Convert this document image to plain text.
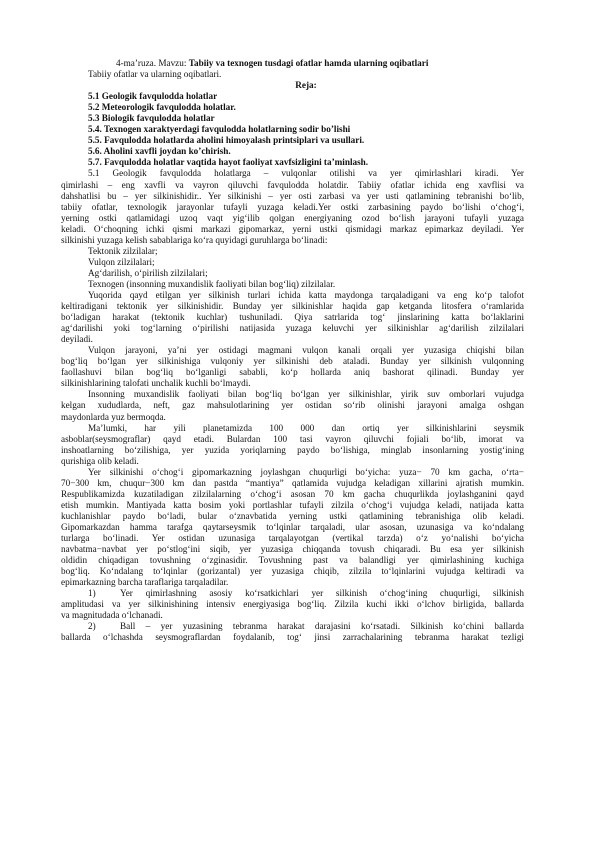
4-ma’ruza. Mavzu: Tabiiy va texnogen tusdagi ofatlar hamda ularning oqibatlari
Tabiiy ofatlar va ularning oqibatlari.
Reja:
5.1 Geologik favqulodda holatlar
5.2 Meteorologik favqulodda holatlar.
5.3 Biologik favqulodda holatlar
5.4. Texnogen xaraktyerdagi favqulodda holatlarning sodir bo’lishi
5.5. Favqulodda holatlarda aholini himoyalash printsiplari va usullari.
5.6. Aholini xavfli joydan ko’chirish.
5.7. Favqulodda holatlar vaqtida hayot faoliyat xavfsizligini ta’minlash.
5.1 Geologik favqulodda holatlarga – vulqonlar otilishi va yer qimirlashlari kiradi. Yer
qimirlashi – eng xavfli va vayron qiluvchi favqulodda holatdir. Tabiiy ofatlar ichida eng xavflisi va
dahshatlisi bu – yer silkinishidir.. Yer silkinishi – yer osti zarbasi va yer usti qatlamining tebranishi bo‘lib,
tabiiy ofatlar, texnologik jarayonlar tufayli yuzaga keladi.Yer ostki zarbasining paydo bo‘lishi o‘chog‘i,
yerning ostki qatlamidagi uzoq vaqt yig‘ilib qolgan energiyaning ozod bo‘lish jarayoni tufayli yuzaga
keladi. O‘choqning ichki qismi markazi gipomarkaz, yerni ustki qismidagi markaz epimarkaz deyiladi. Yer
silkinishi yuzaga kelish sabablariga ko‘ra quyidagi guruhlarga bo‘linadi:
Tektonik zilzilalar;
Vulqon zilzilalari;
Ag‘darilish, o‘pirilish zilzilalari;
Texnogen (insonning muxandislik faoliyati bilan bog‘liq) zilzilalar.
Yuqorida qayd etilgan yer silkinish turlari ichida katta maydonga tarqaladigani va eng ko‘p talofot
keltiradigani tektonik yer silkinishidir. Bunday yer silkinishlar haqida gap ketganda litosfera o‘ramlarida
bo‘ladigan harakat (tektonik kuchlar) tushuniladi. Qiya satrlarida tog‘ jinslarining katta bo‘laklarini
ag‘darilishi yoki tog‘larning o‘pirilishi natijasida yuzaga keluvchi yer silkinishlar ag‘darilish zilzilalari
deyiladi.
Vulqon jarayoni, ya’ni yer ostidagi magmani vulqon kanali orqali yer yuzasiga chiqishi bilan
bog‘liq bo‘lgan yer silkinishiga vulqoniy yer silkinishi deb ataladi. Bunday yer silkinish vulqonning
faollashuvi bilan bog‘liq bo‘lganligi sababli, ko‘p hollarda aniq bashorat qilinadi. Bunday yer
silkinishlarining talofati unchalik kuchli bo‘lmaydi.
Insonning muxandislik faoliyati bilan bog‘liq bo‘lgan yer silkinishlar, yirik suv omborlari vujudga
kelgan xududlarda, neft, gaz mahsulotlarining yer ostidan so‘rib olinishi jarayoni amalga oshgan
maydonlarda yuz bermoqda.
Ma’lumki, har yili planetamizda 100 000 dan ortiq yer silkinishlarini seysmik
asboblar(seysmograflar) qayd etadi. Bulardan 100 tasi vayron qiluvchi fojiali bo‘lib, imorat va
inshoatlarning bo‘zilishiga, yer yuzida yoriqlarning paydo bo‘lishiga, minglab insonlarning yostig‘ining
qurishiga olib keladi.
Yer silkinishi o‘chog‘i gipomarkazning joylashgan chuqurligi bo‘yicha: yuza− 70 km gacha, o‘rta−
70−300 km, chuqur−300 km dan pastda “mantiya” qatlamida vujudga keladigan xillarini ajratish mumkin.
Respublikamizda kuzatiladigan zilzilalarning o‘chog‘i asosan 70 km gacha chuqurlikda joylashganini qayd
etish mumkin. Mantiyada katta bosim yoki portlashlar tufayli zilzila o‘chog‘i vujudga keladi, natijada katta
kuchlanishlar paydo bo‘ladi, bular o‘znavbatida yerning ustki qatlamining tebranishiga olib keladi.
Gipomarkazdan hamma tarafga qaytarseysmik to‘lqinlar tarqaladi, ular asosan, uzunasiga va ko‘ndalang
turlarga bo‘linadi. Yer ostidan uzunasiga tarqalayotgan (vertikal tarzda) o‘z yo‘nalishi bo‘yicha
navbatma−navbat yer po‘stlog‘ini siqib, yer yuzasiga chiqqanda tovush chiqaradi. Bu esa yer silkinish
oldidin chiqadigan tovushning o‘zginasidir. Tovushning past va balandligi yer qimirlashining kuchiga
bog‘liq. Ko‘ndalang to‘lqinlar (gorizantal) yer yuzasiga chiqib, zilzila to‘lqinlarini vujudga keltiradi va
epimarkazning barcha taraflariga tarqaladilar.
1)	Yer qimirlashning asosiy ko‘rsatkichlari yer silkinish o‘chog‘ining chuqurligi, silkinish
amplitudasi va yer silkinishining intensiv energiyasiga bog‘liq. Zilzila kuchi ikki o‘lchov birligida, ballarda
va magnitudada o‘lchanadi.
2)	Ball – yer yuzasining tebranma harakat darajasini ko‘rsatadi. Silkinish ko‘chini ballarda
ballarda o‘lchashda seysmograflardan foydalanib, tog‘ jinsi zarrachalarining tebranma harakat tezligi
